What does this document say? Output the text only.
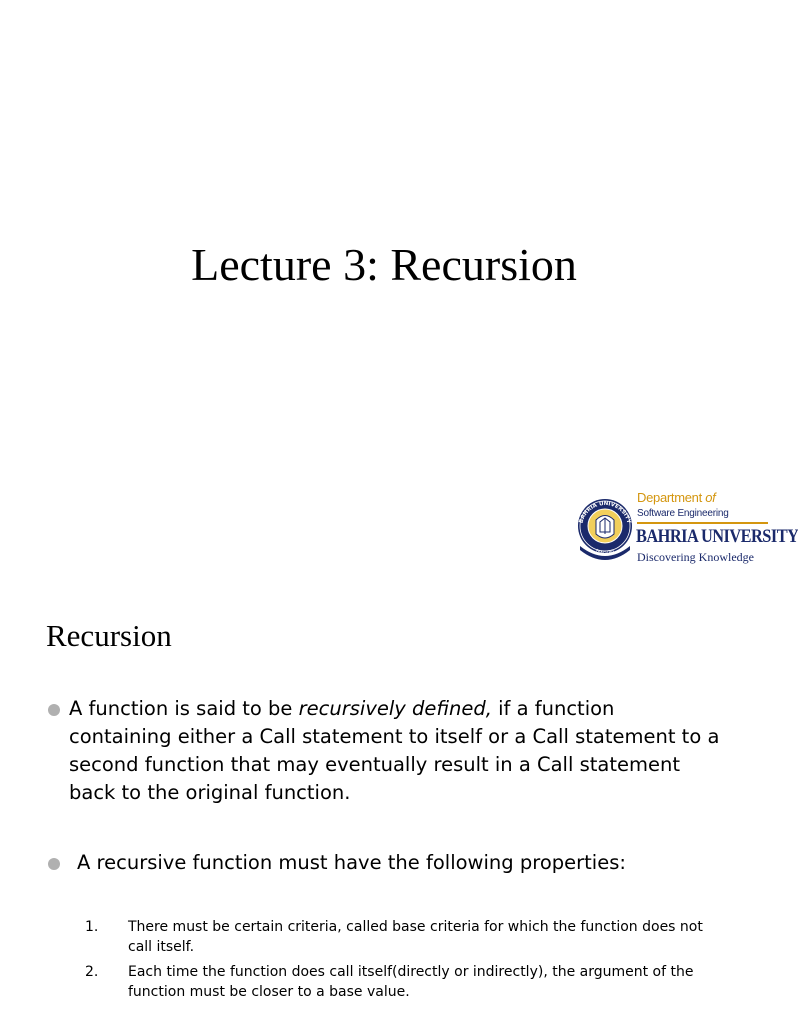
Lecture 3: Recursion
BAHRIA UNIVERSITY
PAKISTAN
Department of
Software Engineering
BAHRIA UNIVERSITY
Discovering Knowledge
Recursion
A function is said to be recursively defined, if a function
containing either a Call statement to itself or a Call statement to a second function that may eventually result in a Call statement back to the original function.
A recursive function must have the following properties:
1. There must be certain criteria, called base criteria for which the function does not call itself.
2. Each time the function does call itself(directly or indirectly), the argument of the function must be closer to a base value.
